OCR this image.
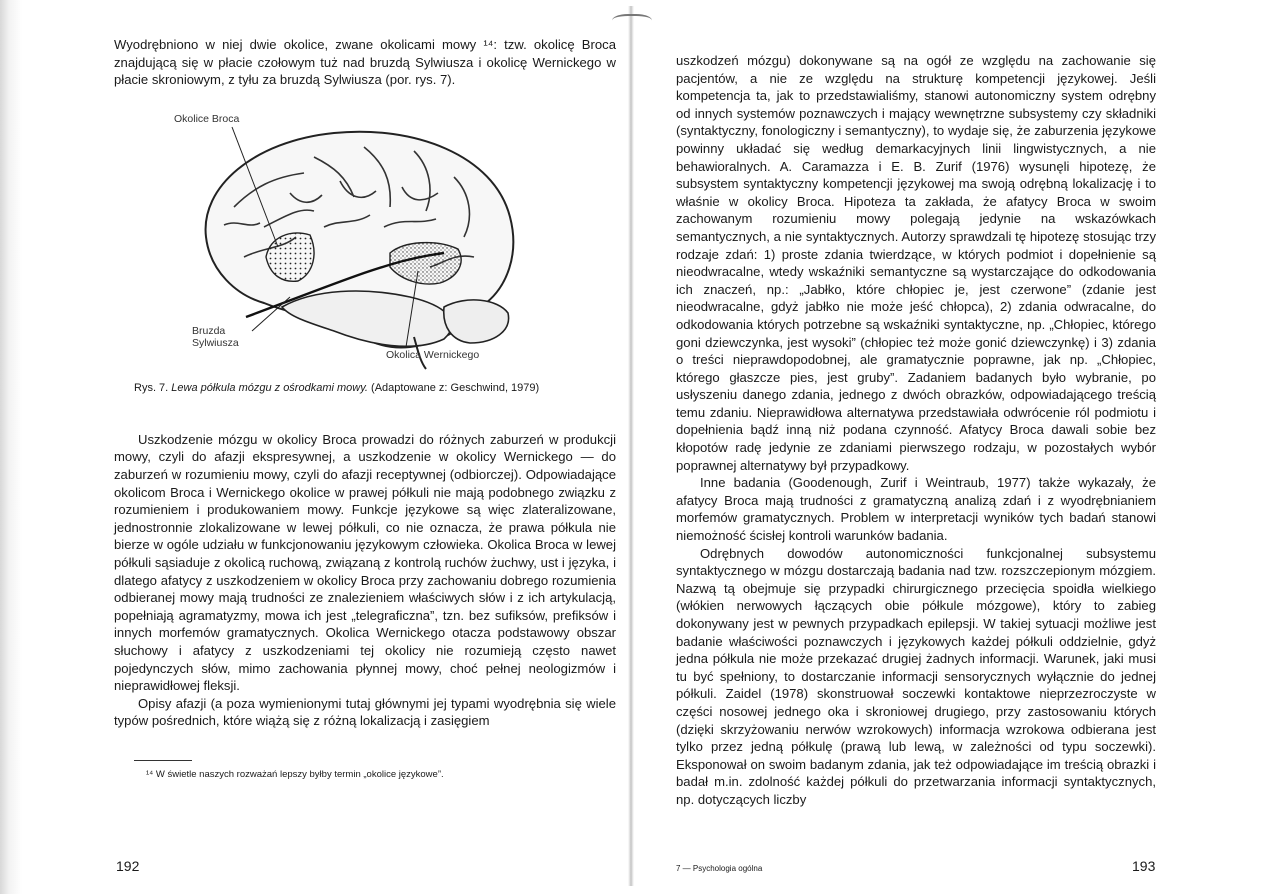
Wyodrębniono w niej dwie okolice, zwane okolicami mowy ¹⁴: tzw. okolicę Broca znajdującą się w płacie czołowym tuż nad bruzdą Sylwiusza i okolicę Wernickego w płacie skroniowym, z tyłu za bruzdą Sylwiusza (por. rys. 7).

Okolice Broca
Bruzda
Sylwiusza
Okolica Wernickego
Rys. 7. Lewa półkula mózgu z ośrodkami mowy. (Adaptowane z: Geschwind, 1979)

Uszkodzenie mózgu w okolicy Broca prowadzi do różnych zaburzeń w produkcji mowy, czyli do afazji ekspresywnej, a uszkodzenie w okolicy Wernickego — do zaburzeń w rozumieniu mowy, czyli do afazji receptywnej (odbiorczej). Odpowiadające okolicom Broca i Wernickego okolice w prawej półkuli nie mają podobnego związku z rozumieniem i produkowaniem mowy. Funkcje językowe są więc zlateralizowane, jednostronnie zlokalizowane w lewej półkuli, co nie oznacza, że prawa półkula nie bierze w ogóle udziału w funkcjonowaniu językowym człowieka. Okolica Broca w lewej półkuli sąsiaduje z okolicą ruchową, związaną z kontrolą ruchów żuchwy, ust i języka, i dlatego afatycy z uszkodzeniem w okolicy Broca przy zachowaniu dobrego rozumienia odbieranej mowy mają trudności ze znalezieniem właściwych słów i z ich artykulacją, popełniają agramatyzmy, mowa ich jest „telegraficzna”, tzn. bez sufiksów, prefiksów i innych morfemów gramatycznych. Okolica Wernickego otacza podstawowy obszar słuchowy i afatycy z uszkodzeniami tej okolicy nie rozumieją często nawet pojedynczych słów, mimo zachowania płynnej mowy, choć pełnej neologizmów i nieprawidłowej fleksji.

Opisy afazji (a poza wymienionymi tutaj głównymi jej typami wyodrębnia się wiele typów pośrednich, które wiążą się z różną lokalizacją i zasięgiem

¹⁴ W świetle naszych rozważań lepszy byłby termin „okolice językowe”.
192

uszkodzeń mózgu) dokonywane są na ogół ze względu na zachowanie się pacjentów, a nie ze względu na strukturę kompetencji językowej. Jeśli kompetencja ta, jak to przedstawialiśmy, stanowi autonomiczny system odrębny od innych systemów poznawczych i mający wewnętrzne subsystemy czy składniki (syntaktyczny, fonologiczny i semantyczny), to wydaje się, że zaburzenia językowe powinny układać się według demarkacyjnych linii lingwistycznych, a nie behawioralnych. A. Caramazza i E. B. Zurif (1976) wysunęli hipotezę, że subsystem syntaktyczny kompetencji językowej ma swoją odrębną lokalizację i to właśnie w okolicy Broca. Hipoteza ta zakłada, że afatycy Broca w swoim zachowanym rozumieniu mowy polegają jedynie na wskazówkach semantycznych, a nie syntaktycznych. Autorzy sprawdzali tę hipotezę stosując trzy rodzaje zdań: 1) proste zdania twierdzące, w których podmiot i dopełnienie są nieodwracalne, wtedy wskaźniki semantyczne są wystarczające do odkodowania ich znaczeń, np.: „Jabłko, które chłopiec je, jest czerwone” (zdanie jest nieodwracalne, gdyż jabłko nie może jeść chłopca), 2) zdania odwracalne, do odkodowania których potrzebne są wskaźniki syntaktyczne, np. „Chłopiec, którego goni dziewczynka, jest wysoki” (chłopiec też może gonić dziewczynkę) i 3) zdania o treści nieprawdopodobnej, ale gramatycznie poprawne, jak np. „Chłopiec, którego głaszcze pies, jest gruby”. Zadaniem badanych było wybranie, po usłyszeniu danego zdania, jednego z dwóch obrazków, odpowiadającego treścią temu zdaniu. Nieprawidłowa alternatywa przedstawiała odwrócenie ról podmiotu i dopełnienia bądź inną niż podana czynność. Afatycy Broca dawali sobie bez kłopotów radę jedynie ze zdaniami pierwszego rodzaju, w pozostałych wybór poprawnej alternatywy był przypadkowy.

Inne badania (Goodenough, Zurif i Weintraub, 1977) także wykazały, że afatycy Broca mają trudności z gramatyczną analizą zdań i z wyodrębnianiem morfemów gramatycznych. Problem w interpretacji wyników tych badań stanowi niemożność ścisłej kontroli warunków badania.

Odrębnych dowodów autonomiczności funkcjonalnej subsystemu syntaktycznego w mózgu dostarczają badania nad tzw. rozszczepionym mózgiem. Nazwą tą obejmuje się przypadki chirurgicznego przecięcia spoidła wielkiego (włókien nerwowych łączących obie półkule mózgowe), który to zabieg dokonywany jest w pewnych przypadkach epilepsji. W takiej sytuacji możliwe jest badanie właściwości poznawczych i językowych każdej półkuli oddzielnie, gdyż jedna półkula nie może przekazać drugiej żadnych informacji. Warunek, jaki musi tu być spełniony, to dostarczanie informacji sensorycznych wyłącznie do jednej półkuli. Zaidel (1978) skonstruował soczewki kontaktowe nieprzezroczyste w części nosowej jednego oka i skroniowej drugiego, przy zastosowaniu których (dzięki skrzyżowaniu nerwów wzrokowych) informacja wzrokowa odbierana jest tylko przez jedną półkulę (prawą lub lewą, w zależności od typu soczewki). Eksponował on swoim badanym zdania, jak też odpowiadające im treścią obrazki i badał m.in. zdolność każdej półkuli do przetwarzania informacji syntaktycznych, np. dotyczących liczby

7 — Psychologia ogólna	193
